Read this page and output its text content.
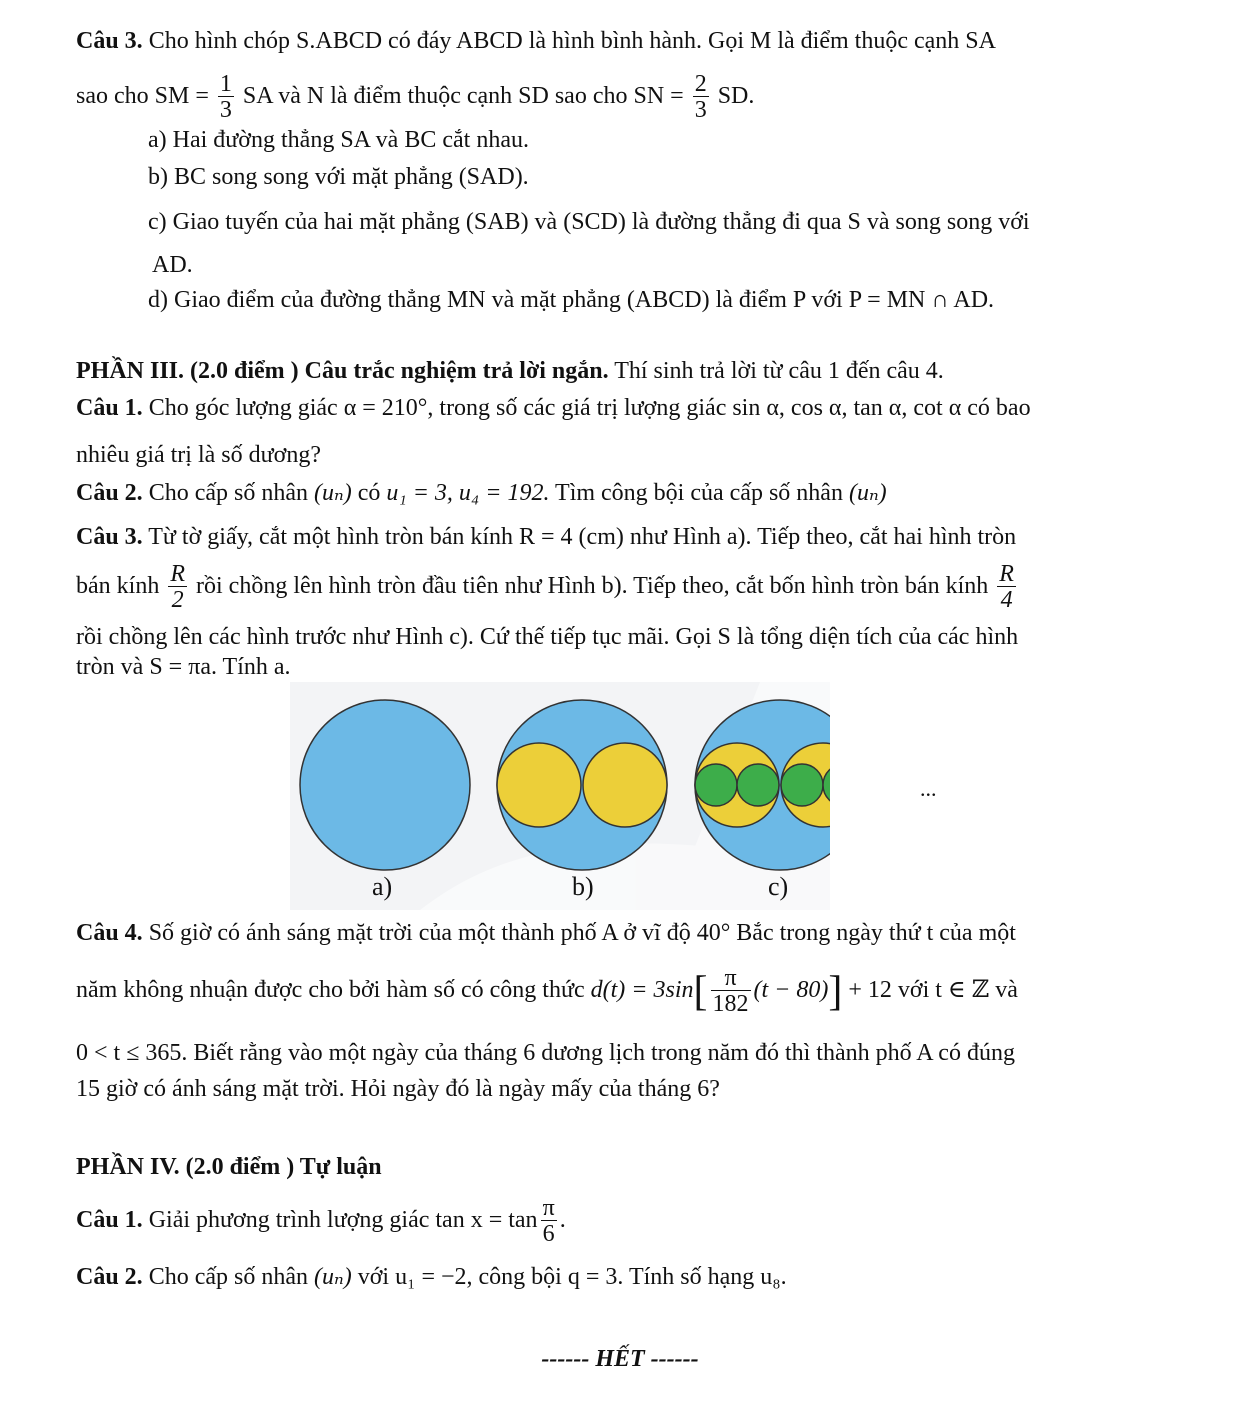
Câu 3. Cho hình chóp S.ABCD có đáy ABCD là hình bình hành. Gọi M là điểm thuộc cạnh SA
sao cho SM = $\frac{1}{3}$ SA và N là điểm thuộc cạnh SD sao cho SN = $\frac{2}{3}$ SD.
a) Hai đường thẳng SA và BC cắt nhau.
b) BC song song với mặt phẳng (SAD).
c) Giao tuyến của hai mặt phẳng (SAB) và (SCD) là đường thẳng đi qua S và song song với
AD.
d) Giao điểm của đường thẳng MN và mặt phẳng (ABCD) là điểm P với P = MN ∩ AD.
PHẦN III. (2.0 điểm ) Câu trắc nghiệm trả lời ngắn. Thí sinh trả lời từ câu 1 đến câu 4.
Câu 1. Cho góc lượng giác α = 210°, trong số các giá trị lượng giác sin α, cos α, tan α, cot α có bao
nhiêu giá trị là số dương?
Câu 2. Cho cấp số nhân (uₙ) có u₁ = 3, u₄ = 192. Tìm công bội của cấp số nhân (uₙ)
Câu 3. Từ tờ giấy, cắt một hình tròn bán kính R = 4 (cm) như Hình a). Tiếp theo, cắt hai hình tròn
bán kính $\frac{R}{2}$ rồi chồng lên hình tròn đầu tiên như Hình b). Tiếp theo, cắt bốn hình tròn bán kính $\frac{R}{4}$
rồi chồng lên các hình trước như Hình c). Cứ thế tiếp tục mãi. Gọi S là tổng diện tích của các hình
tròn và S = πa. Tính a.
a)	b)	c)
...
Câu 4. Số giờ có ánh sáng mặt trời của một thành phố A ở vĩ độ 40° Bắc trong ngày thứ t của một
năm không nhuận được cho bởi hàm số có công thức $d(t) = 3\sin[ \frac{\pi}{182} (t - 80)] + 12$ với t ∈ ℤ và
0 < t ≤ 365. Biết rằng vào một ngày của tháng 6 dương lịch trong năm đó thì thành phố A có đúng
15 giờ có ánh sáng mặt trời. Hỏi ngày đó là ngày mấy của tháng 6?
PHẦN IV. (2.0 điểm ) Tự luận
Câu 1. Giải phương trình lượng giác $\tan x = \tan \frac{\pi}{6}$ .
Câu 2. Cho cấp số nhân (uₙ) với u₁ = −2, công bội q = 3. Tính số hạng u₈.
------ HẾT ------
